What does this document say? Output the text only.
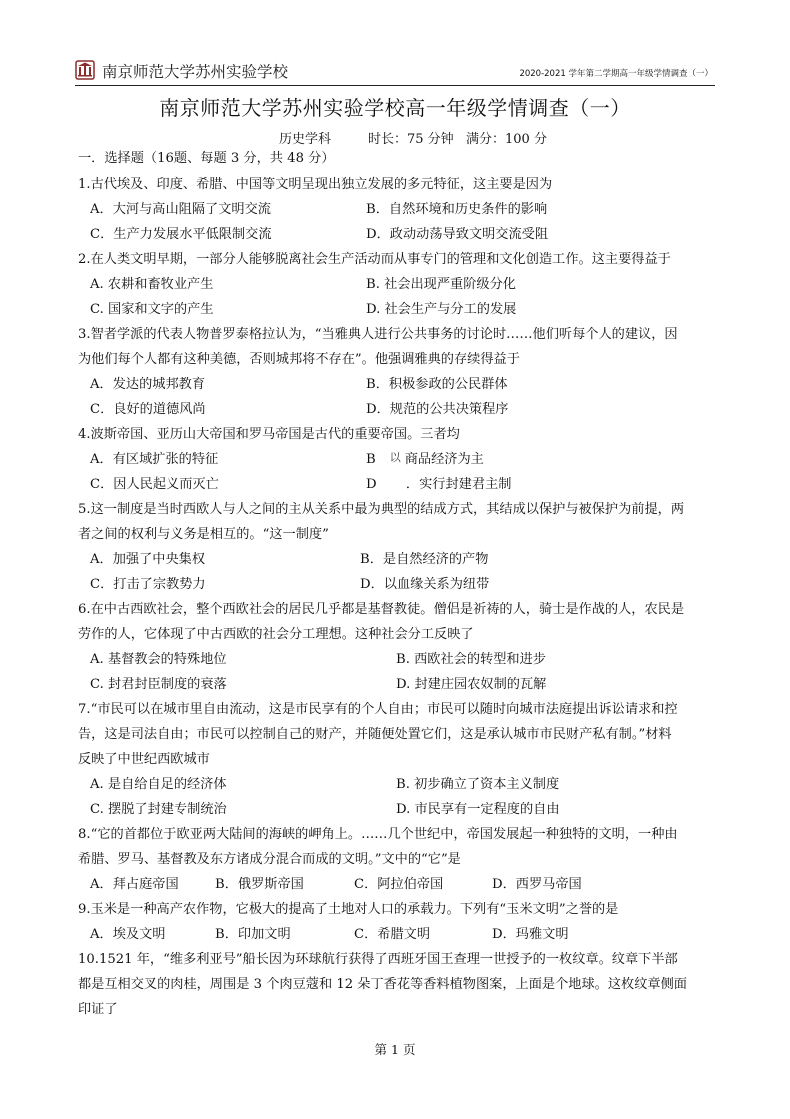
南京师范大学苏州实验学校	2020-2021 学年第二学期高一年级学情调查（一）
南京师范大学苏州实验学校高一年级学情调查（一）
历史学科	时长：75 分钟 满分：100 分
一．选择题（16题、每题 3 分，共 48 分）
1.古代埃及、印度、希腊、中国等文明呈现出独立发展的多元特征，这主要是因为
A．大河与高山阻隔了文明交流	B．自然环境和历史条件的影响
C．生产力发展水平低限制交流	D．政动动荡导致文明交流受阻
2.在人类文明早期，一部分人能够脱离社会生产活动而从事专门的管理和文化创造工作。这主要得益于
A. 农耕和畜牧业产生	B. 社会出现严重阶级分化
C. 国家和文字的产生	D. 社会生产与分工的发展
3.智者学派的代表人物普罗泰格拉认为，“当雅典人进行公共事务的讨论时……他们听每个人的建议，因
为他们每个人都有这种美德，否则城邦将不存在”。他强调雅典的存续得益于
A．发达的城邦教育	B．积极参政的公民群体
C．良好的道德风尚	D．规范的公共决策程序
4.波斯帝国、亚历山大帝国和罗马帝国是古代的重要帝国。三者均
A．有区域扩张的特征	B 以 商品经济为主
C．因人民起义而灭亡	D       ．实行封建君主制
5.这一制度是当时西欧人与人之间的主从关系中最为典型的结成方式，其结成以保护与被保护为前提，两
者之间的权利与义务是相互的。“这一制度”
A．加强了中央集权	B．是自然经济的产物
C．打击了宗教势力	D．以血缘关系为纽带
6.在中古西欧社会，整个西欧社会的居民几乎都是基督教徒。僧侣是祈祷的人，骑士是作战的人，农民是
劳作的人，它体现了中古西欧的社会分工理想。这种社会分工反映了
A. 基督教会的特殊地位	B. 西欧社会的转型和进步
C. 封君封臣制度的衰落	D. 封建庄园农奴制的瓦解
7.“市民可以在城市里自由流动，这是市民享有的个人自由；市民可以随时向城市法庭提出诉讼请求和控
告，这是司法自由；市民可以控制自己的财产，并随便处置它们，这是承认城市市民财产私有制。”材料
反映了中世纪西欧城市
A. 是自给自足的经济体	B. 初步确立了资本主义制度
C. 摆脱了封建专制统治	D. 市民享有一定程度的自由
8.“它的首都位于欧亚两大陆间的海峡的岬角上。……几个世纪中，帝国发展起一种独特的文明，一种由
希腊、罗马、基督教及东方诸成分混合而成的文明。”文中的“它”是
A．拜占庭帝国	B．俄罗斯帝国	C．阿拉伯帝国	D．西罗马帝国
9.玉米是一种高产农作物，它极大的提高了土地对人口的承载力。下列有“玉米文明”之誉的是
A．埃及文明	B．印加文明	C．希腊文明	D．玛雅文明
10.1521 年，“维多利亚号”船长因为环球航行获得了西班牙国王查理一世授予的一枚纹章。纹章下半部
都是互相交叉的肉桂，周围是 3 个肉豆蔻和 12 朵丁香花等香料植物图案，上面是个地球。这枚纹章侧面
印证了
第 1 页
